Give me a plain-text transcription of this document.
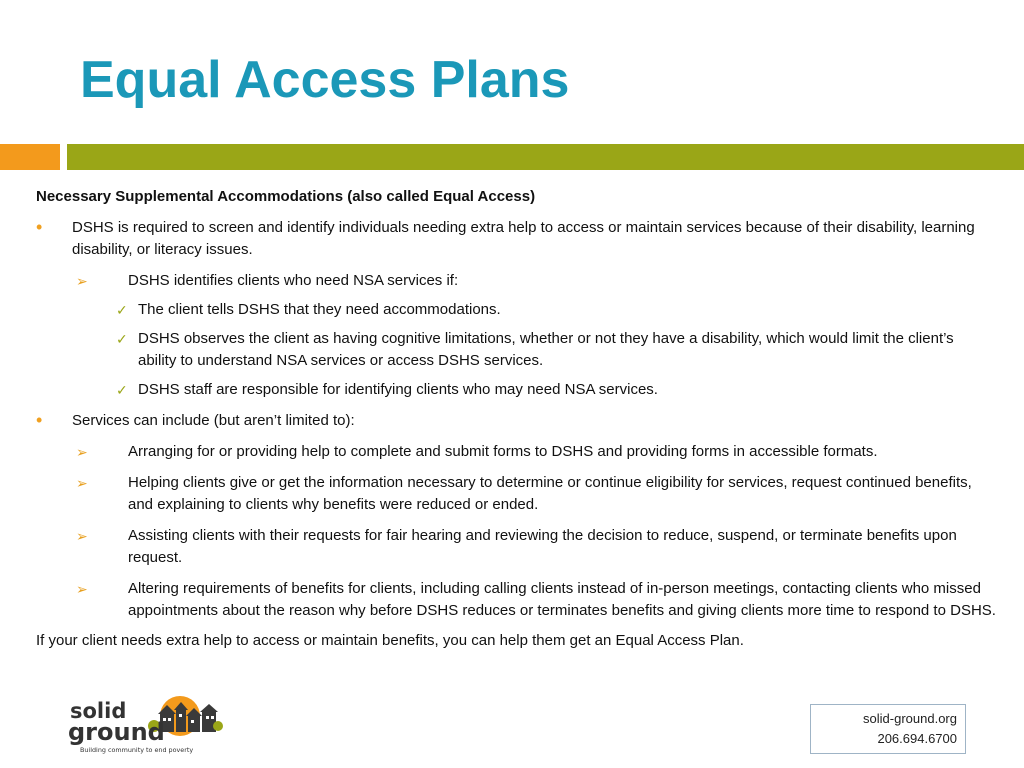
Equal Access Plans
Necessary Supplemental Accommodations (also called Equal Access)
• DSHS is required to screen and identify individuals needing extra help to access or maintain services because of their disability, learning disability, or literacy issues.
➢	DSHS identifies clients who need NSA services if:
✓ The client tells DSHS that they need accommodations.
✓ DSHS observes the client as having cognitive limitations, whether or not they have a disability, which would limit the client’s ability to understand NSA services or access DSHS services.
✓ DSHS staff are responsible for identifying clients who may need NSA services.
• Services can include (but aren’t limited to):
➢	Arranging for or providing help to complete and submit forms to DSHS and providing forms in accessible formats.
➢	Helping clients give or get the information necessary to determine or continue eligibility for services, request continued benefits, and explaining to clients why benefits were reduced or ended.
➢	Assisting clients with their requests for fair hearing and reviewing the decision to reduce, suspend, or terminate benefits upon request.
➢	Altering requirements of benefits for clients, including calling clients instead of in-person meetings, contacting clients who missed appointments about the reason why before DSHS reduces or terminates benefits and giving clients more time to respond to DSHS.
If your client needs extra help to access or maintain benefits, you can help them get an Equal Access Plan.
solid
ground
Building community to end poverty
solid-ground.org
206.694.6700
